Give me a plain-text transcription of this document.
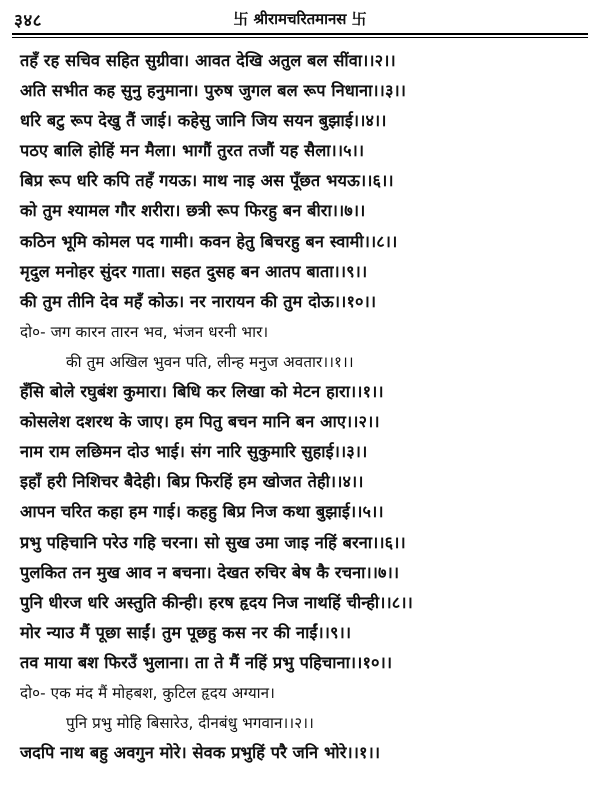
३४८	卐 श्रीरामचरितमानस 卐
तहँ रह सचिव सहित सुग्रीवा। आवत देखि अतुल बल सींवा।।२।।
अति सभीत कह सुनु हनुमाना। पुरुष जुगल बल रूप निधाना।।३।।
धरि बटु रूप देखु तैं जाई। कहेसु जानि जिय सयन बुझाई।।४।।
पठए बालि होहिं मन मैला। भागौं तुरत तजौं यह सैला।।५।।
बिप्र रूप धरि कपि तहँ गयऊ। माथ नाइ अस पूँछत भयऊ।।६।।
को तुम श्यामल गौर शरीरा। छत्री रूप फिरहु बन बीरा।।७।।
कठिन भूमि कोमल पद गामी। कवन हेतु बिचरहु बन स्वामी।।८।।
मृदुल मनोहर सुंदर गाता। सहत दुसह बन आतप बाता।।९।।
की तुम तीनि देव महँ कोऊ। नर नारायन की तुम दोऊ।।१०।।
दो०- जग कारन तारन भव, भंजन धरनी भार।
की तुम अखिल भुवन पति, लीन्ह मनुज अवतार।।१।।
हँसि बोले रघुबंश कुमारा। बिधि कर लिखा को मेटन हारा।।१।।
कोसलेश दशरथ के जाए। हम पितु बचन मानि बन आए।।२।।
नाम राम लछिमन दोउ भाई। संग नारि सुकुमारि सुहाई।।३।।
इहाँ हरी निशिचर बैदेही। बिप्र फिरहिं हम खोजत तेही।।४।।
आपन चरित कहा हम गाई। कहहु बिप्र निज कथा बुझाई।।५।।
प्रभु पहिचानि परेउ गहि चरना। सो सुख उमा जाइ नहिं बरना।।६।।
पुलकित तन मुख आव न बचना। देखत रुचिर बेष कै रचना।।७।।
पुनि धीरज धरि अस्तुति कीन्ही। हरष हृदय निज नाथहिं चीन्ही।।८।।
मोर न्याउ मैं पूछा साईं। तुम पूछहु कस नर की नाईं।।९।।
तव माया बश फिरउँ भुलाना। ता ते मैं नहिं प्रभु पहिचाना।।१०।।
दो०- एक मंद मैं मोहबश, कुटिल हृदय अग्यान।
पुनि प्रभु मोहि बिसारेउ, दीनबंधु भगवान।।२।।
जदपि नाथ बहु अवगुन मोरे। सेवक प्रभुहिं परै जनि भोरे।।१।।
